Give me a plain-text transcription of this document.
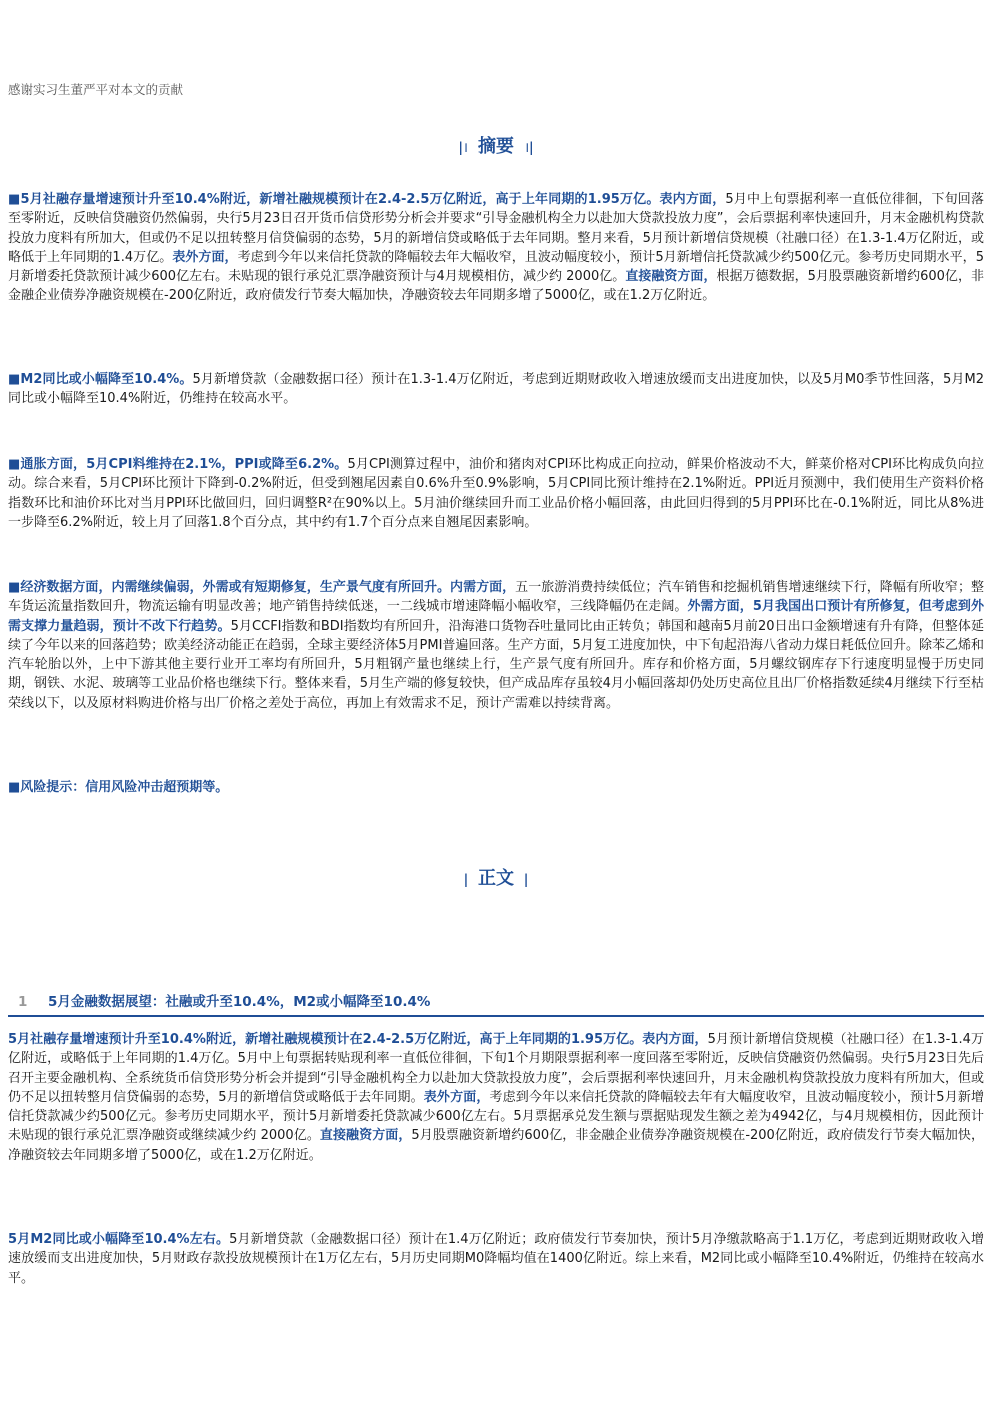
感谢实习生董严平对本文的贡献
ǀ। 摘要 ।ǀ

■5月社融存量增速预计升至10.4%附近，新增社融规模预计在2.4-2.5万亿附近，高于上年同期的1.95万亿。表内方面，5月中上旬票据利率一直低位徘徊，下旬回落至零附近，反映信贷融资仍然偏弱，央行5月23日召开货币信贷形势分析会并要求“引导金融机构全力以赴加大贷款投放力度”，会后票据利率快速回升，月末金融机构贷款投放力度料有所加大，但或仍不足以扭转整月信贷偏弱的态势，5月的新增信贷或略低于去年同期。整月来看，5月预计新增信贷规模（社融口径）在1.3-1.4万亿附近，或略低于上年同期的1.4万亿。表外方面，考虑到今年以来信托贷款的降幅较去年大幅收窄，且波动幅度较小，预计5月新增信托贷款减少约500亿元。参考历史同期水平，5月新增委托贷款预计减少600亿左右。未贴现的银行承兑汇票净融资预计与4月规模相仿，减少约 2000亿。直接融资方面，根据万德数据，5月股票融资新增约600亿，非金融企业债券净融资规模在-200亿附近，政府债发行节奏大幅加快，净融资较去年同期多增了5000亿，或在1.2万亿附近。

■M2同比或小幅降至10.4%。5月新增贷款（金融数据口径）预计在1.3-1.4万亿附近，考虑到近期财政收入增速放缓而支出进度加快，以及5月M0季节性回落，5月M2同比或小幅降至10.4%附近，仍维持在较高水平。

■通胀方面，5月CPI料维持在2.1%，PPI或降至6.2%。5月CPI测算过程中，油价和猪肉对CPI环比构成正向拉动，鲜果价格波动不大，鲜菜价格对CPI环比构成负向拉动。综合来看，5月CPI环比预计下降到-0.2%附近，但受到翘尾因素自0.6%升至0.9%影响，5月CPI同比预计维持在2.1%附近。PPI近月预测中，我们使用生产资料价格指数环比和油价环比对当月PPI环比做回归，回归调整R²在90%以上。5月油价继续回升而工业品价格小幅回落，由此回归得到的5月PPI环比在-0.1%附近，同比从8%进一步降至6.2%附近，较上月了回落1.8个百分点，其中约有1.7个百分点来自翘尾因素影响。

■经济数据方面，内需继续偏弱，外需或有短期修复，生产景气度有所回升。内需方面，五一旅游消费持续低位；汽车销售和挖掘机销售增速继续下行，降幅有所收窄；整车货运流量指数回升，物流运输有明显改善；地产销售持续低迷，一二线城市增速降幅小幅收窄，三线降幅仍在走阔。外需方面，5月我国出口预计有所修复，但考虑到外需支撑力量趋弱，预计不改下行趋势。5月CCFI指数和BDI指数均有所回升，沿海港口货物吞吐量同比由正转负；韩国和越南5月前20日出口金额增速有升有降，但整体延续了今年以来的回落趋势；欧美经济动能正在趋弱，全球主要经济体5月PMI普遍回落。生产方面，5月复工进度加快，中下旬起沿海八省动力煤日耗低位回升。除苯乙烯和汽车轮胎以外，上中下游其他主要行业开工率均有所回升，5月粗钢产量也继续上行，生产景气度有所回升。库存和价格方面，5月螺纹钢库存下行速度明显慢于历史同期，钢铁、水泥、玻璃等工业品价格也继续下行。整体来看，5月生产端的修复较快，但产成品库存虽较4月小幅回落却仍处历史高位且出厂价格指数延续4月继续下行至枯荣线以下，以及原材料购进价格与出厂价格之差处于高位，再加上有效需求不足，预计产需难以持续背离。

■风险提示：信用风险冲击超预期等。

ǀ 正文 ǀ
1 5月金融数据展望：社融或升至10.4%，M2或小幅降至10.4%

5月社融存量增速预计升至10.4%附近，新增社融规模预计在2.4-2.5万亿附近，高于上年同期的1.95万亿。表内方面，5月预计新增信贷规模（社融口径）在1.3-1.4万亿附近，或略低于上年同期的1.4万亿。5月中上旬票据转贴现利率一直低位徘徊，下旬1个月期限票据利率一度回落至零附近，反映信贷融资仍然偏弱。央行5月23日先后召开主要金融机构、全系统货币信贷形势分析会并提到“引导金融机构全力以赴加大贷款投放力度”，会后票据利率快速回升，月末金融机构贷款投放力度料有所加大，但或仍不足以扭转整月信贷偏弱的态势，5月的新增信贷或略低于去年同期。表外方面，考虑到今年以来信托贷款的降幅较去年有大幅度收窄，且波动幅度较小，预计5月新增信托贷款减少约500亿元。参考历史同期水平，预计5月新增委托贷款减少600亿左右。5月票据承兑发生额与票据贴现发生额之差为4942亿，与4月规模相仿，因此预计未贴现的银行承兑汇票净融资或继续减少约 2000亿。直接融资方面，5月股票融资新增约600亿，非金融企业债券净融资规模在-200亿附近，政府债发行节奏大幅加快，净融资较去年同期多增了5000亿，或在1.2万亿附近。

5月M2同比或小幅降至10.4%左右。5月新增贷款（金融数据口径）预计在1.4万亿附近；政府债发行节奏加快，预计5月净缴款略高于1.1万亿，考虑到近期财政收入增速放缓而支出进度加快，5月财政存款投放规模预计在1万亿左右，5月历史同期M0降幅均值在1400亿附近。综上来看，M2同比或小幅降至10.4%附近，仍维持在较高水平。
